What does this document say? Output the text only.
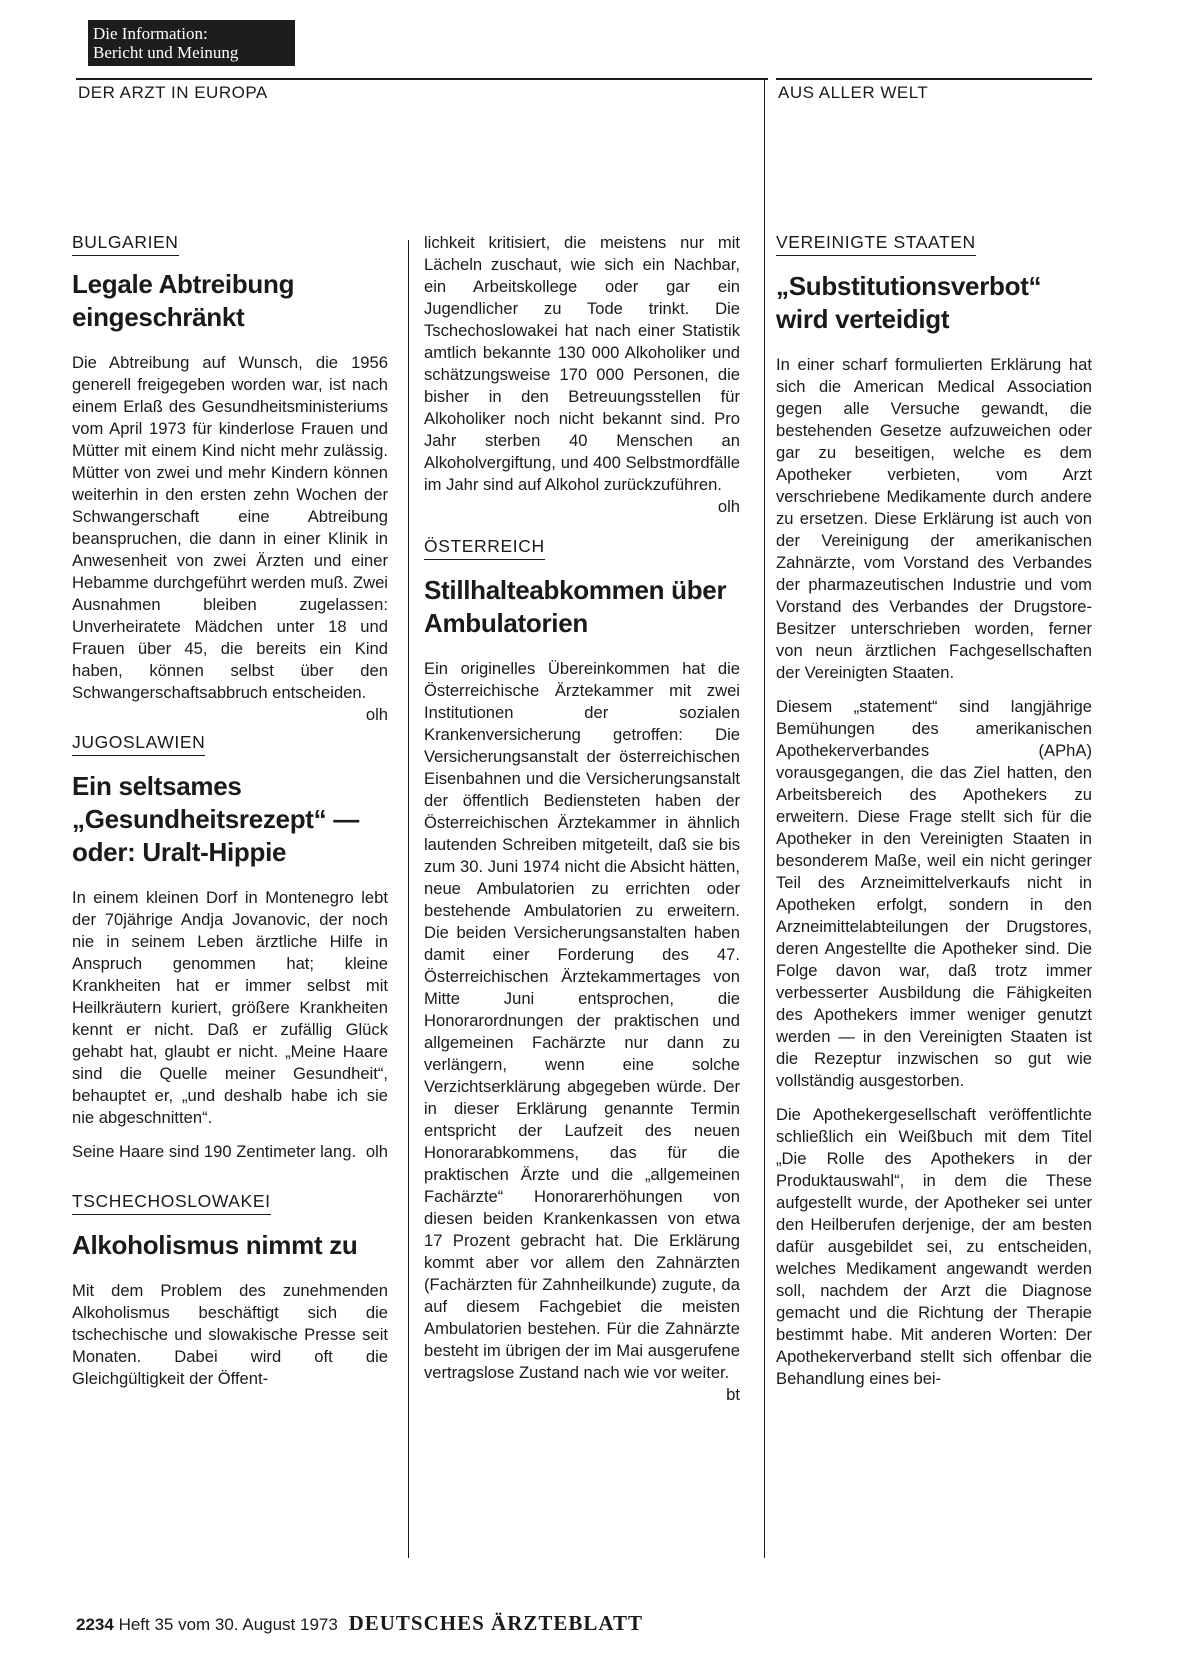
Die Information:
Bericht und Meinung
DER ARZT IN EUROPA	AUS ALLER WELT
BULGARIEN
Legale Abtreibung eingeschränkt

Die Abtreibung auf Wunsch, die 1956 generell freigegeben worden war, ist nach einem Erlaß des Gesundheitsministeriums vom April 1973 für kinderlose Frauen und Mütter mit einem Kind nicht mehr zulässig. Mütter von zwei und mehr Kindern können weiterhin in den ersten zehn Wochen der Schwangerschaft eine Abtreibung beanspruchen, die dann in einer Klinik in Anwesenheit von zwei Ärzten und einer Hebamme durchgeführt werden muß. Zwei Ausnahmen bleiben zugelassen: Unverheiratete Mädchen unter 18 und Frauen über 45, die bereits ein Kind haben, können selbst über den Schwangerschaftsabbruch entscheiden.
olh

JUGOSLAWIEN
Ein seltsames „Gesundheitsrezept“ — oder: Uralt-Hippie

In einem kleinen Dorf in Montenegro lebt der 70jährige Andja Jovanovic, der noch nie in seinem Leben ärztliche Hilfe in Anspruch genommen hat; kleine Krankheiten hat er immer selbst mit Heilkräutern kuriert, größere Krankheiten kennt er nicht. Daß er zufällig Glück gehabt hat, glaubt er nicht. „Meine Haare sind die Quelle meiner Gesundheit“, behauptet er, „und deshalb habe ich sie nie abgeschnitten“.

Seine Haare sind 190 Zentimeter lang. olh

TSCHECHOSLOWAKEI
Alkoholismus nimmt zu

Mit dem Problem des zunehmenden Alkoholismus beschäftigt sich die tschechische und slowakische Presse seit Monaten. Dabei wird oft die Gleichgültigkeit der Öffent-

lichkeit kritisiert, die meistens nur mit Lächeln zuschaut, wie sich ein Nachbar, ein Arbeitskollege oder gar ein Jugendlicher zu Tode trinkt. Die Tschechoslowakei hat nach einer Statistik amtlich bekannte 130 000 Alkoholiker und schätzungsweise 170 000 Personen, die bisher in den Betreuungsstellen für Alkoholiker noch nicht bekannt sind. Pro Jahr sterben 40 Menschen an Alkoholvergiftung, und 400 Selbstmordfälle im Jahr sind auf Alkohol zurückzuführen.
olh

ÖSTERREICH
Stillhalteabkommen über Ambulatorien

Ein originelles Übereinkommen hat die Österreichische Ärztekammer mit zwei Institutionen der sozialen Krankenversicherung getroffen: Die Versicherungsanstalt der österreichischen Eisenbahnen und die Versicherungsanstalt der öffentlich Bediensteten haben der Österreichischen Ärztekammer in ähnlich lautenden Schreiben mitgeteilt, daß sie bis zum 30. Juni 1974 nicht die Absicht hätten, neue Ambulatorien zu errichten oder bestehende Ambulatorien zu erweitern. Die beiden Versicherungsanstalten haben damit einer Forderung des 47. Österreichischen Ärztekammertages von Mitte Juni entsprochen, die Honorarordnungen der praktischen und allgemeinen Fachärzte nur dann zu verlängern, wenn eine solche Verzichtserklärung abgegeben würde. Der in dieser Erklärung genannte Termin entspricht der Laufzeit des neuen Honorarabkommens, das für die praktischen Ärzte und die „allgemeinen Fachärzte“ Honorarerhöhungen von diesen beiden Krankenkassen von etwa 17 Prozent gebracht hat. Die Erklärung kommt aber vor allem den Zahnärzten (Fachärzten für Zahnheilkunde) zugute, da auf diesem Fachgebiet die meisten Ambulatorien bestehen. Für die Zahnärzte besteht im übrigen der im Mai ausgerufene vertragslose Zustand nach wie vor weiter.
bt

VEREINIGTE STAATEN
„Substitutionsverbot“ wird verteidigt

In einer scharf formulierten Erklärung hat sich die American Medical Association gegen alle Versuche gewandt, die bestehenden Gesetze aufzuweichen oder gar zu beseitigen, welche es dem Apotheker verbieten, vom Arzt verschriebene Medikamente durch andere zu ersetzen. Diese Erklärung ist auch von der Vereinigung der amerikanischen Zahnärzte, vom Vorstand des Verbandes der pharmazeutischen Industrie und vom Vorstand des Verbandes der Drugstore-Besitzer unterschrieben worden, ferner von neun ärztlichen Fachgesellschaften der Vereinigten Staaten.

Diesem „statement“ sind langjährige Bemühungen des amerikanischen Apothekerverbandes (APhA) vorausgegangen, die das Ziel hatten, den Arbeitsbereich des Apothekers zu erweitern. Diese Frage stellt sich für die Apotheker in den Vereinigten Staaten in besonderem Maße, weil ein nicht geringer Teil des Arzneimittelverkaufs nicht in Apotheken erfolgt, sondern in den Arzneimittelabteilungen der Drugstores, deren Angestellte die Apotheker sind. Die Folge davon war, daß trotz immer verbesserter Ausbildung die Fähigkeiten des Apothekers immer weniger genutzt werden — in den Vereinigten Staaten ist die Rezeptur inzwischen so gut wie vollständig ausgestorben.

Die Apothekergesellschaft veröffentlichte schließlich ein Weißbuch mit dem Titel „Die Rolle des Apothekers in der Produktauswahl“, in dem die These aufgestellt wurde, der Apotheker sei unter den Heilberufen derjenige, der am besten dafür ausgebildet sei, zu entscheiden, welches Medikament angewandt werden soll, nachdem der Arzt die Diagnose gemacht und die Richtung der Therapie bestimmt habe. Mit anderen Worten: Der Apothekerverband stellt sich offenbar die Behandlung eines bei-

2234 Heft 35 vom 30. August 1973 DEUTSCHES ÄRZTEBLATT
